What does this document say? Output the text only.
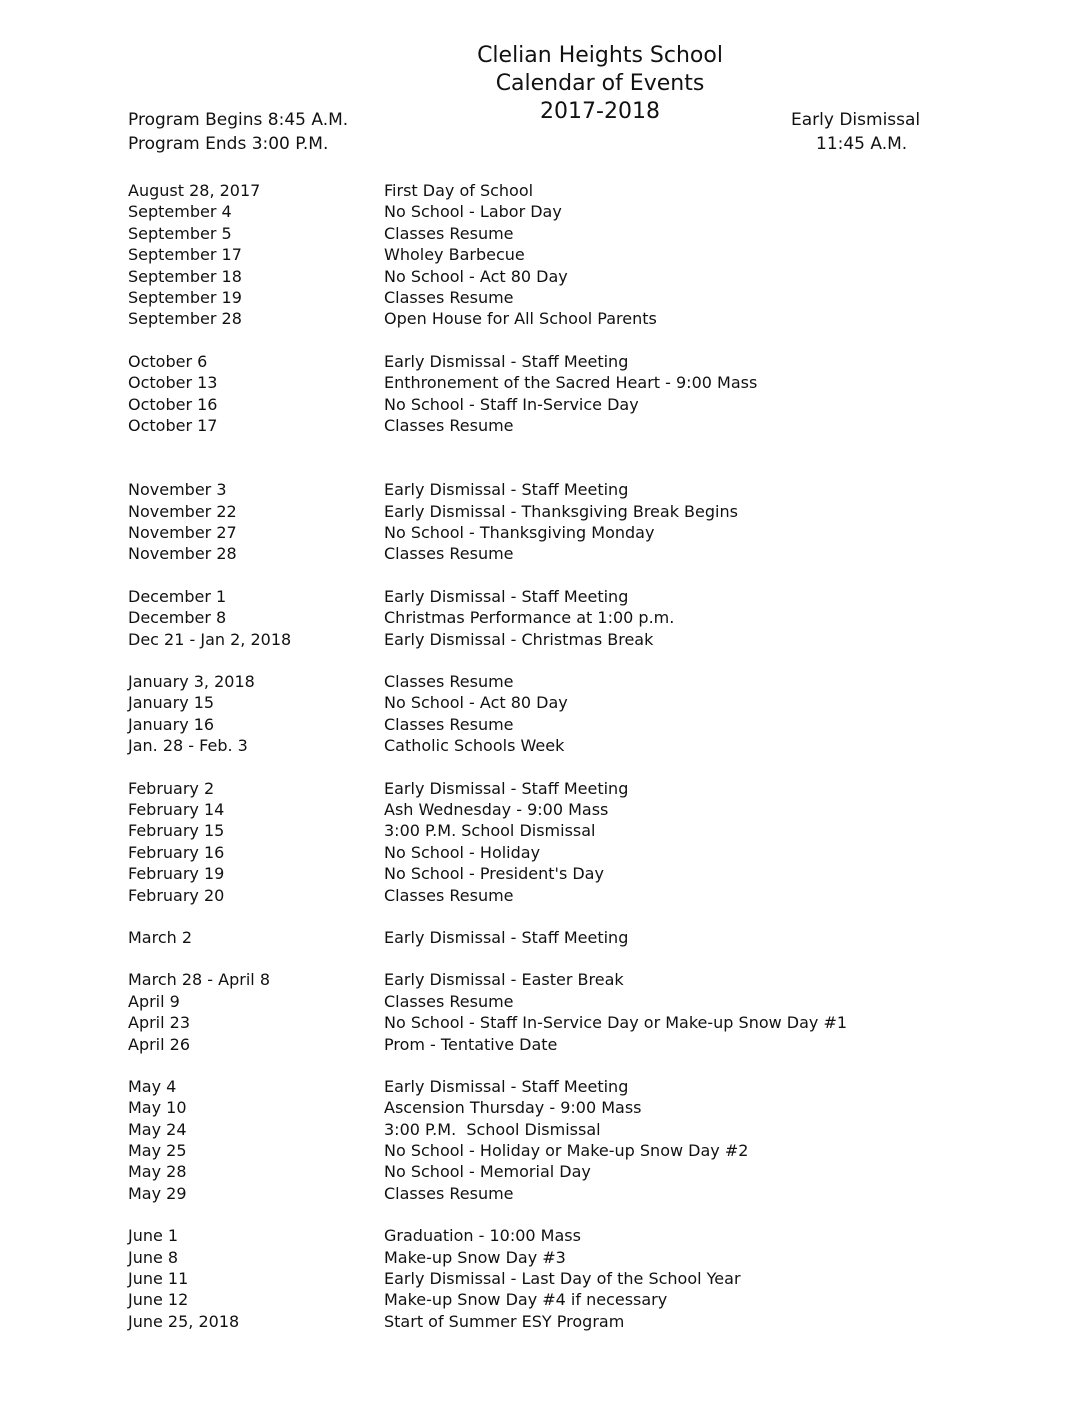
Clelian Heights School
Calendar of Events
2017-2018
Program Begins 8:45 A.M.
Program Ends 3:00 P.M.
Early Dismissal
11:45 A.M.
August 28, 2017	First Day of School
September 4	No School - Labor Day
September 5	Classes Resume
September 17	Wholey Barbecue
September 18	No School - Act 80 Day
September 19	Classes Resume
September 28	Open House for All School Parents
October 6	Early Dismissal - Staff Meeting
October 13	Enthronement of the Sacred Heart - 9:00 Mass
October 16	No School - Staff In-Service Day
October 17	Classes Resume
November 3	Early Dismissal - Staff Meeting
November 22	Early Dismissal - Thanksgiving Break Begins
November 27	No School - Thanksgiving Monday
November 28	Classes Resume
December 1	Early Dismissal - Staff Meeting
December 8	Christmas Performance at 1:00 p.m.
Dec 21 - Jan 2, 2018	Early Dismissal - Christmas Break
January 3, 2018	Classes Resume
January 15	No School - Act 80 Day
January 16	Classes Resume
Jan. 28 - Feb. 3	Catholic Schools Week
February 2	Early Dismissal - Staff Meeting
February 14	Ash Wednesday - 9:00 Mass
February 15	3:00 P.M. School Dismissal
February 16	No School - Holiday
February 19	No School - President's Day
February 20	Classes Resume
March 2	Early Dismissal - Staff Meeting
March 28 - April 8	Early Dismissal - Easter Break
April 9	Classes Resume
April 23	No School - Staff In-Service Day or Make-up Snow Day #1
April 26	Prom - Tentative Date
May 4	Early Dismissal - Staff Meeting
May 10	Ascension Thursday - 9:00 Mass
May 24	3:00 P.M.  School Dismissal
May 25	No School - Holiday or Make-up Snow Day #2
May 28	No School - Memorial Day
May 29	Classes Resume
June 1	Graduation - 10:00 Mass
June 8	Make-up Snow Day #3
June 11	Early Dismissal - Last Day of the School Year
June 12	Make-up Snow Day #4 if necessary
June 25, 2018	Start of Summer ESY Program
